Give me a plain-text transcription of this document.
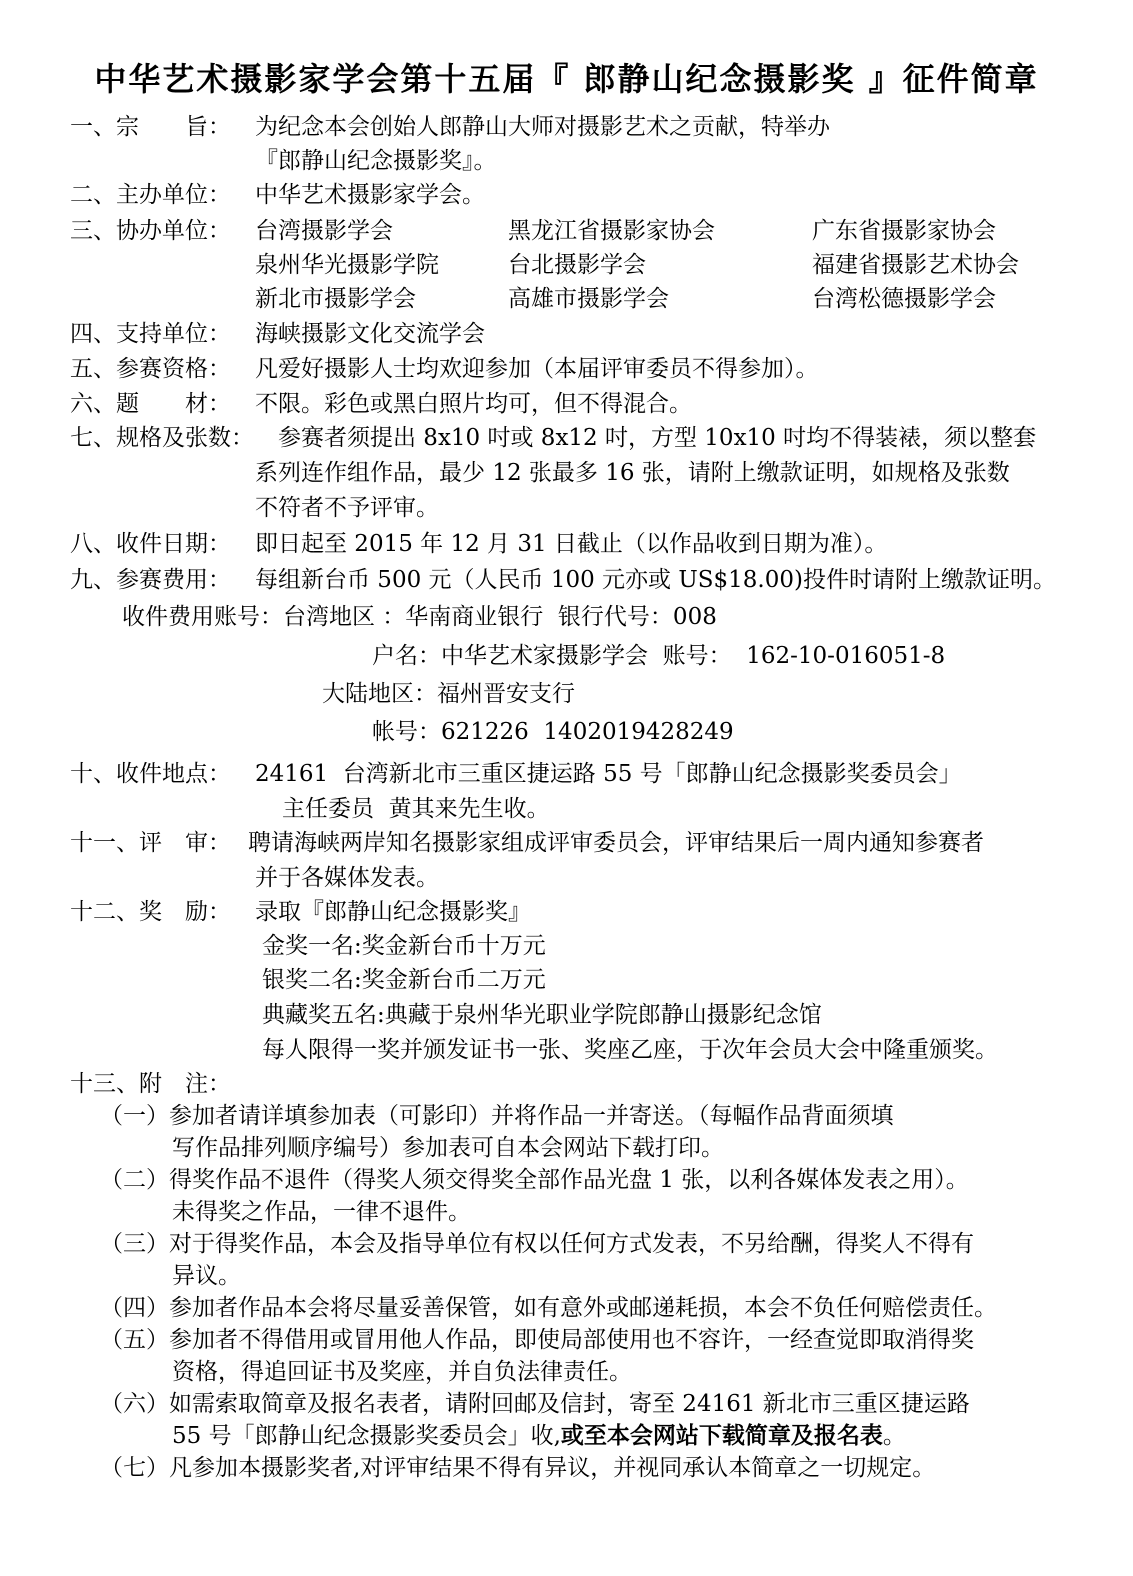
中华艺术摄影家学会第十五届『 郎静山纪念摄影奖 』征件简章
一、宗　　旨： 为纪念本会创始人郎静山大师对摄影艺术之贡献，特举办
『郎静山纪念摄影奖』。
二、主办单位： 中华艺术摄影家学会。
三、协办单位： 台湾摄影学会	黑龙江省摄影家协会	广东省摄影家协会
泉州华光摄影学院	台北摄影学会	福建省摄影艺术协会
新北市摄影学会	高雄市摄影学会	台湾松德摄影学会
四、支持单位： 海峡摄影文化交流学会
五、参赛资格： 凡爱好摄影人士均欢迎参加（本届评审委员不得参加）。
六、题　　材： 不限。彩色或黑白照片均可，但不得混合。
七、规格及张数： 参赛者须提出 8x10 吋或 8x12 吋，方型 10x10 吋均不得装裱，须以整套
系列连作组作品，最少 12 张最多 16 张，请附上缴款证明，如规格及张数
不符者不予评审。
八、收件日期： 即日起至 2015 年 12 月 31 日截止（以作品收到日期为准）。
九、参赛费用： 每组新台币 500 元（人民币 100 元亦或 US$18.00)投件时请附上缴款证明。
收件费用账号：台湾地区 ：华南商业银行  银行代号：008
户名：中华艺术家摄影学会  账号：  162-10-016051-8
大陆地区：福州晋安支行
帐号：621226  1402019428249
十、收件地点： 24161  台湾新北市三重区捷运路 55 号「郎静山纪念摄影奖委员会」
主任委员  黄其来先生收。
十一、评　审： 聘请海峡两岸知名摄影家组成评审委员会，评审结果后一周内通知参赛者
并于各媒体发表。
十二、奖　励： 录取『郎静山纪念摄影奖』
金奖一名:奖金新台币十万元
银奖二名:奖金新台币二万元
典藏奖五名:典藏于泉州华光职业学院郎静山摄影纪念馆
每人限得一奖并颁发证书一张、奖座乙座，于次年会员大会中隆重颁奖。
十三、附　注：
（一）参加者请详填参加表（可影印）并将作品一并寄送。（每幅作品背面须填
写作品排列顺序编号）参加表可自本会网站下载打印。
（二）得奖作品不退件（得奖人须交得奖全部作品光盘 1 张，以利各媒体发表之用）。
未得奖之作品，一律不退件。
（三）对于得奖作品，本会及指导单位有权以任何方式发表，不另给酬，得奖人不得有
异议。
（四）参加者作品本会将尽量妥善保管，如有意外或邮递耗损，本会不负任何赔偿责任。
（五）参加者不得借用或冒用他人作品，即使局部使用也不容许，一经查觉即取消得奖
资格，得追回证书及奖座，并自负法律责任。
（六）如需索取简章及报名表者，请附回邮及信封，寄至 24161 新北市三重区捷运路
55 号「郎静山纪念摄影奖委员会」收,或至本会网站下载简章及报名表。
（七）凡参加本摄影奖者,对评审结果不得有异议，并视同承认本简章之一切规定。
